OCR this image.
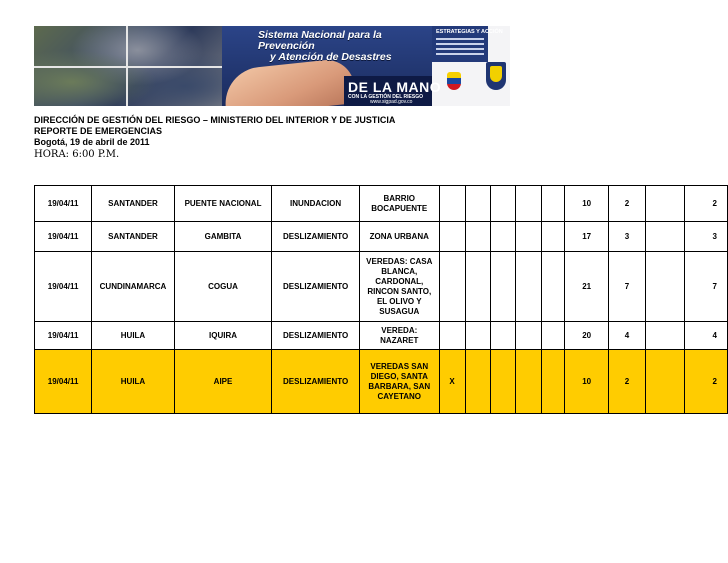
Sistema Nacional para la Prevención
y Atención de Desastres
DE LA MANO
CON LA GESTIÓN DEL RIESGO
www.sigpad.gov.co
ESTRATEGIAS Y ACCIÓN
DIRECCIÓN DE GESTIÓN DEL RIESGO – MINISTERIO DEL INTERIOR Y DE JUSTICIA
REPORTE DE EMERGENCIAS
Bogotá, 19 de abril de 2011
HORA: 6:00 P.M.
19/04/11	SANTANDER	PUENTE NACIONAL	INUNDACION	BARRIO BOCAPUENTE						10	2		2
19/04/11	SANTANDER	GAMBITA	DESLIZAMIENTO	ZONA URBANA						17	3		3
19/04/11	CUNDINAMARCA	COGUA	DESLIZAMIENTO	VEREDAS: CASA BLANCA, CARDONAL, RINCON SANTO, EL OLIVO Y SUSAGUA						21	7		7
19/04/11	HUILA	IQUIRA	DESLIZAMIENTO	VEREDA: NAZARET						20	4		4
19/04/11	HUILA	AIPE	DESLIZAMIENTO	VEREDAS SAN DIEGO, SANTA BARBARA, SAN CAYETANO	X					10	2		2
